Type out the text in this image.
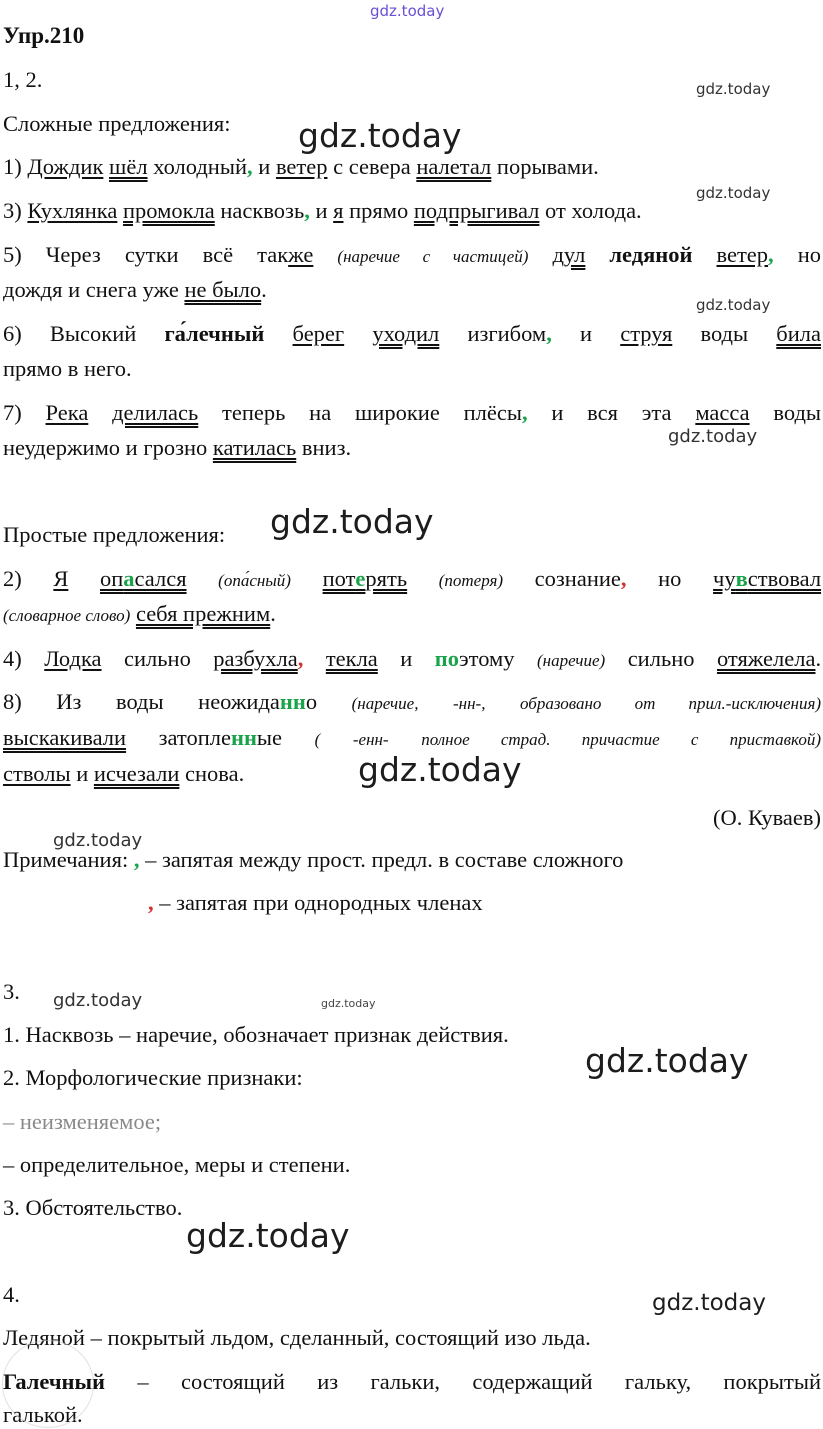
gdz.today
Упр.210
1, 2.	gdz.today
Сложные предложения:	gdz.today
1) Дождик шёл холодный, и ветер с севера налетал порывами.
gdz.today
3) Кухлянка промокла насквозь, и я прямо подпрыгивал от холода.
5) Через сутки всё также (наречие с частицей) дул ледяной ветер, но
дождя и снега уже не было.
gdz.today
6) Высокий га́лечный берег уходил изгибом, и струя воды била
прямо в него.
7) Река делилась теперь на широкие плёсы, и вся эта масса воды
gdz.today
неудержимо и грозно катилась вниз.
Простые предложения:	gdz.today
2) Я опасался (опа́сный) потерять (потеря) сознание, но чувствовал
(словарное слово) себя прежним.
4) Лодка сильно разбухла, текла и поэтому (наречие) сильно отяжелела.
8) Из воды неожиданно (наречие, -нн-, образовано от прил.-исключения)
выскакивали затопленные ( -енн- полное страд. причастие с приставкой)
стволы и исчезали снова.	gdz.today
(О. Куваев)
gdz.today
Примечания: , – запятая между прост. предл. в составе сложного
, – запятая при однородных членах
3.	gdz.today	gdz.today
1. Насквозь – наречие, обозначает признак действия.
gdz.today
2. Морфологические признаки:
– неизменяемое;
– определительное, меры и степени.
3. Обстоятельство.
gdz.today
4.	gdz.today
Ледяной – покрытый льдом, сделанный, состоящий изо льда.
Галечный – состоящий из гальки, содержащий гальку, покрытый
галькой.
